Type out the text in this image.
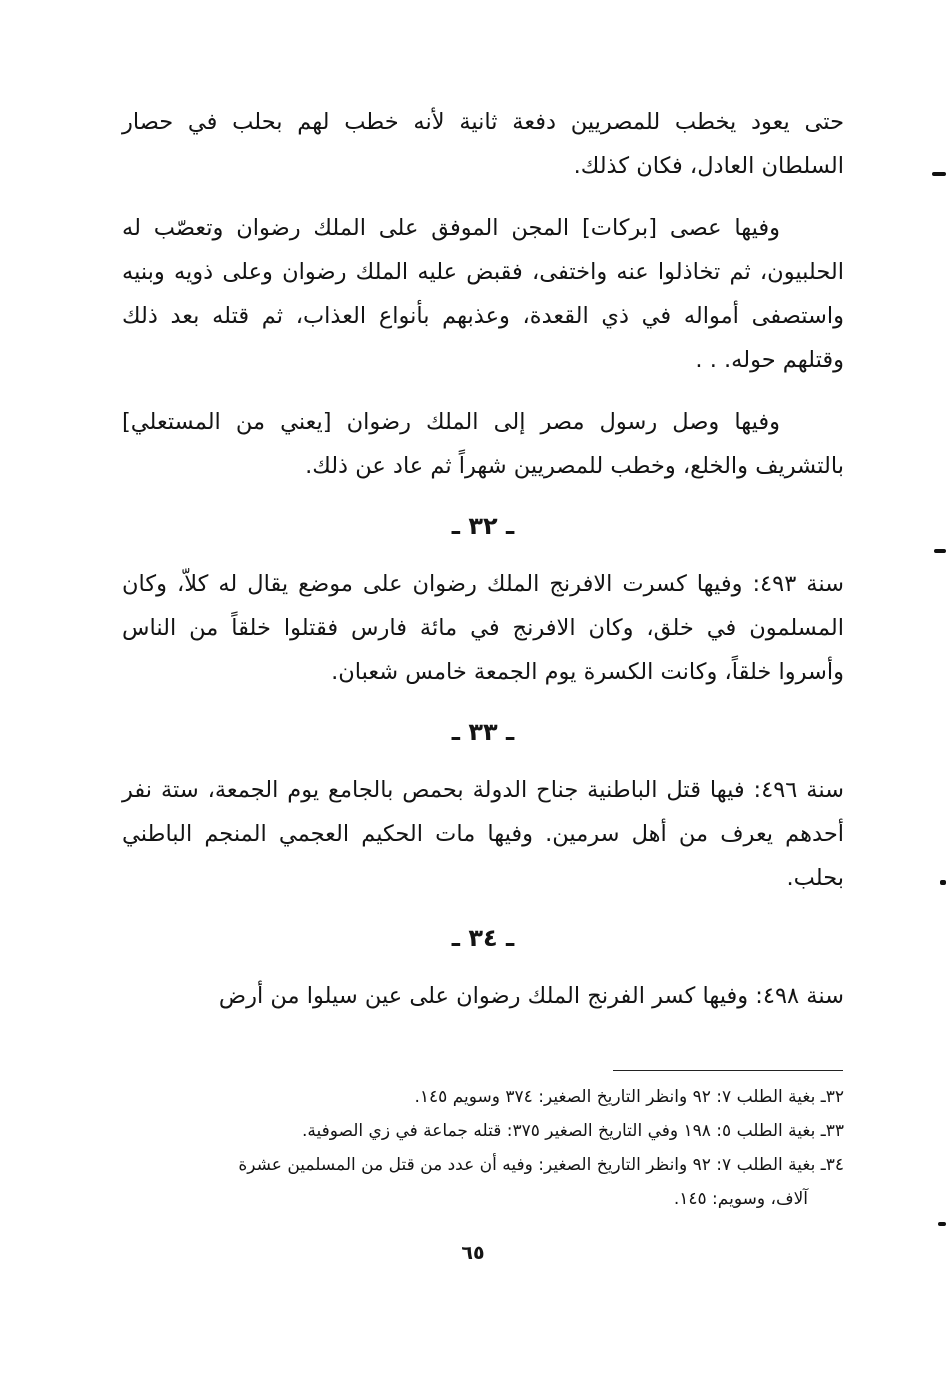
حتى يعود يخطب للمصريين دفعة ثانية لأنه خطب لهم بحلب في حصار السلطان العادل، فكان كذلك.

وفيها عصى [بركات] المجن الموفق على الملك رضوان وتعصّب له الحلبيون، ثم تخاذلوا عنه واختفى، فقبض عليه الملك رضوان وعلى ذويه وبنيه واستصفى أمواله في ذي القعدة، وعذبهم بأنواع العذاب، ثم قتله بعد ذلك وقتلهم حوله. . .

وفيها وصل رسول مصر إلى الملك رضوان [يعني من المستعلي] بالتشريف والخلع، وخطب للمصريين شهراً ثم عاد عن ذلك.

ـ ٣٢ ـ

سنة ٤٩٣: وفيها كسرت الافرنج الملك رضوان على موضع يقال له كلاّ، وكان المسلمون في خلق، وكان الافرنج في مائة فارس فقتلوا خلقاً من الناس وأسروا خلقاً، وكانت الكسرة يوم الجمعة خامس شعبان.

ـ ٣٣ ـ

سنة ٤٩٦: فيها قتل الباطنية جناح الدولة بحمص بالجامع يوم الجمعة، ستة نفر أحدهم يعرف من أهل سرمين. وفيها مات الحكيم العجمي المنجم الباطني بحلب.

ـ ٣٤ ـ

سنة ٤٩٨: وفيها كسر الفرنج الملك رضوان على عين سيلوا من أرض

٣٢ـ بغية الطلب ٧: ٩٢ وانظر التاريخ الصغير: ٣٧٤ وسويم ١٤٥.

٣٣ـ بغية الطلب ٥: ١٩٨ وفي التاريخ الصغير ٣٧٥: قتله جماعة في زي الصوفية.

٣٤ـ بغية الطلب ٧: ٩٢ وانظر التاريخ الصغير: وفيه أن عدد من قتل من المسلمين عشرة

آلاف، وسويم: ١٤٥.

٦٥
